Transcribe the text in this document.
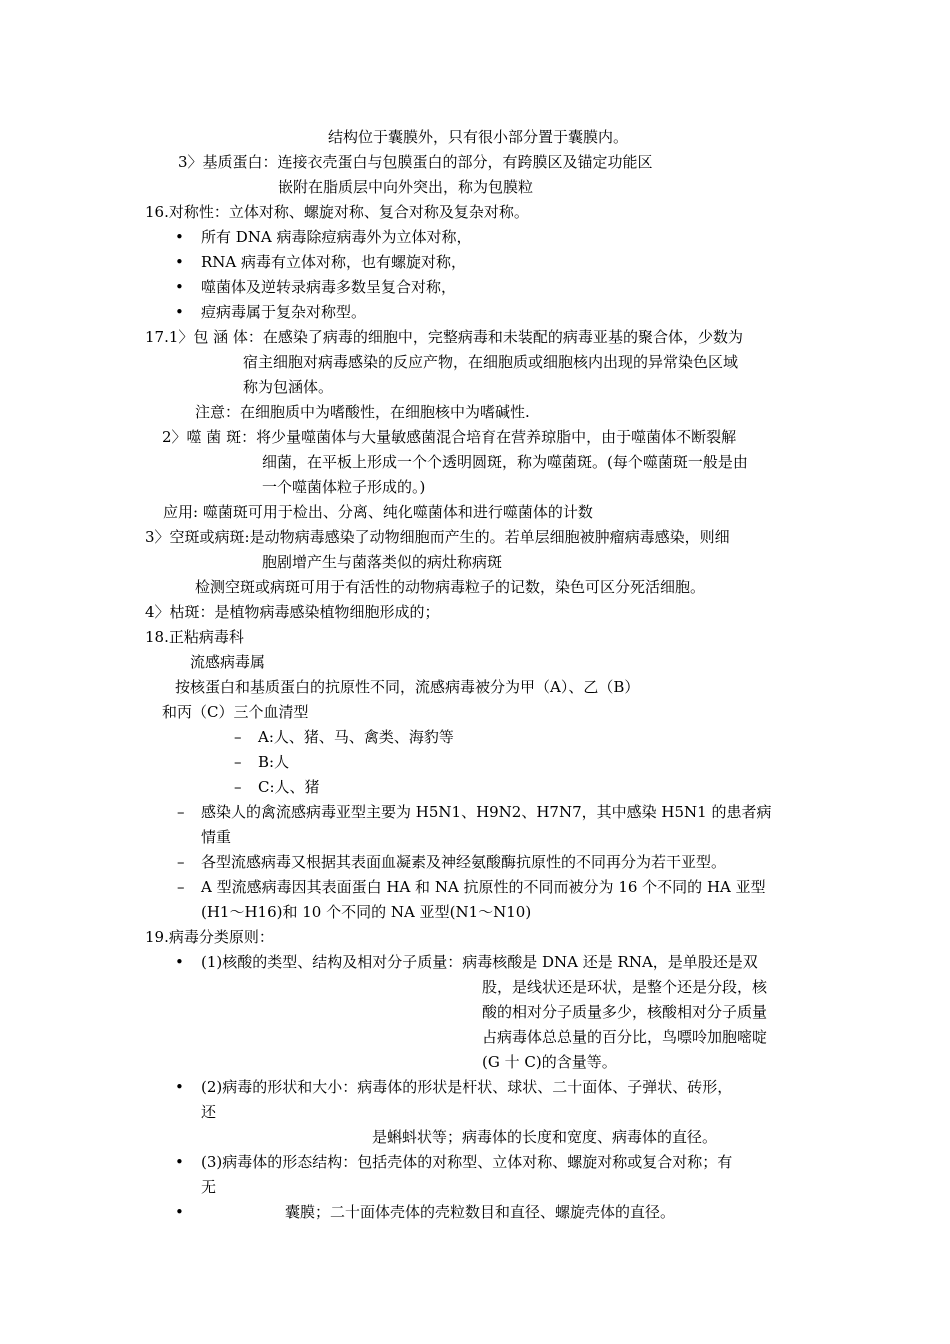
结构位于囊膜外，只有很小部分置于囊膜内。
3〉基质蛋白：连接衣壳蛋白与包膜蛋白的部分，有跨膜区及锚定功能区
嵌附在脂质层中向外突出，称为包膜粒
16.对称性：立体对称、螺旋对称、复合对称及复杂对称。
• 所有 DNA 病毒除痘病毒外为立体对称，
• RNA 病毒有立体对称，也有螺旋对称，
• 噬菌体及逆转录病毒多数呈复合对称，
• 痘病毒属于复杂对称型。
17.1〉包 涵 体：在感染了病毒的细胞中，完整病毒和未装配的病毒亚基的聚合体，少数为
宿主细胞对病毒感染的反应产物，在细胞质或细胞核内出现的异常染色区域
称为包涵体。
注意：在细胞质中为嗜酸性，在细胞核中为嗜碱性.
2〉噬 菌 斑：将少量噬菌体与大量敏感菌混合培育在营养琼脂中，由于噬菌体不断裂解
细菌，在平板上形成一个个透明圆斑，称为噬菌斑。(每个噬菌斑一般是由
一个噬菌体粒子形成的。)
应用: 噬菌斑可用于检出、分离、纯化噬菌体和进行噬菌体的计数
3〉空斑或病斑:是动物病毒感染了动物细胞而产生的。若单层细胞被肿瘤病毒感染，则细
胞剧增产生与菌落类似的病灶称病斑
检测空斑或病斑可用于有活性的动物病毒粒子的记数，染色可区分死活细胞。
4〉枯斑：是植物病毒感染植物细胞形成的；
18.正粘病毒科
流感病毒属
按核蛋白和基质蛋白的抗原性不同，流感病毒被分为甲（A）、乙（B）
和丙（C）三个血清型
– A:人、猪、马、禽类、海豹等
– B:人
– C:人、猪
– 感染人的禽流感病毒亚型主要为 H5N1、H9N2、H7N7，其中感染 H5N1 的患者病
情重
– 各型流感病毒又根据其表面血凝素及神经氨酸酶抗原性的不同再分为若干亚型。
– A 型流感病毒因其表面蛋白 HA 和 NA 抗原性的不同而被分为 16 个不同的 HA 亚型
(H1～H16)和 10 个不同的 NA 亚型(N1～N10)
19.病毒分类原则：
• (1)核酸的类型、结构及相对分子质量：病毒核酸是 DNA 还是 RNA，是单股还是双
股，是线状还是环状，是整个还是分段，核
酸的相对分子质量多少，核酸相对分子质量
占病毒体总总量的百分比，鸟嘌呤加胞嘧啶
(G 十 C)的含量等。
• (2)病毒的形状和大小：病毒体的形状是杆状、球状、二十面体、子弹状、砖形，
还
是蝌蚪状等；病毒体的长度和宽度、病毒体的直径。
• (3)病毒体的形态结构：包括壳体的对称型、立体对称、螺旋对称或复合对称；有
无
•	囊膜；二十面体壳体的壳粒数目和直径、螺旋壳体的直径。
